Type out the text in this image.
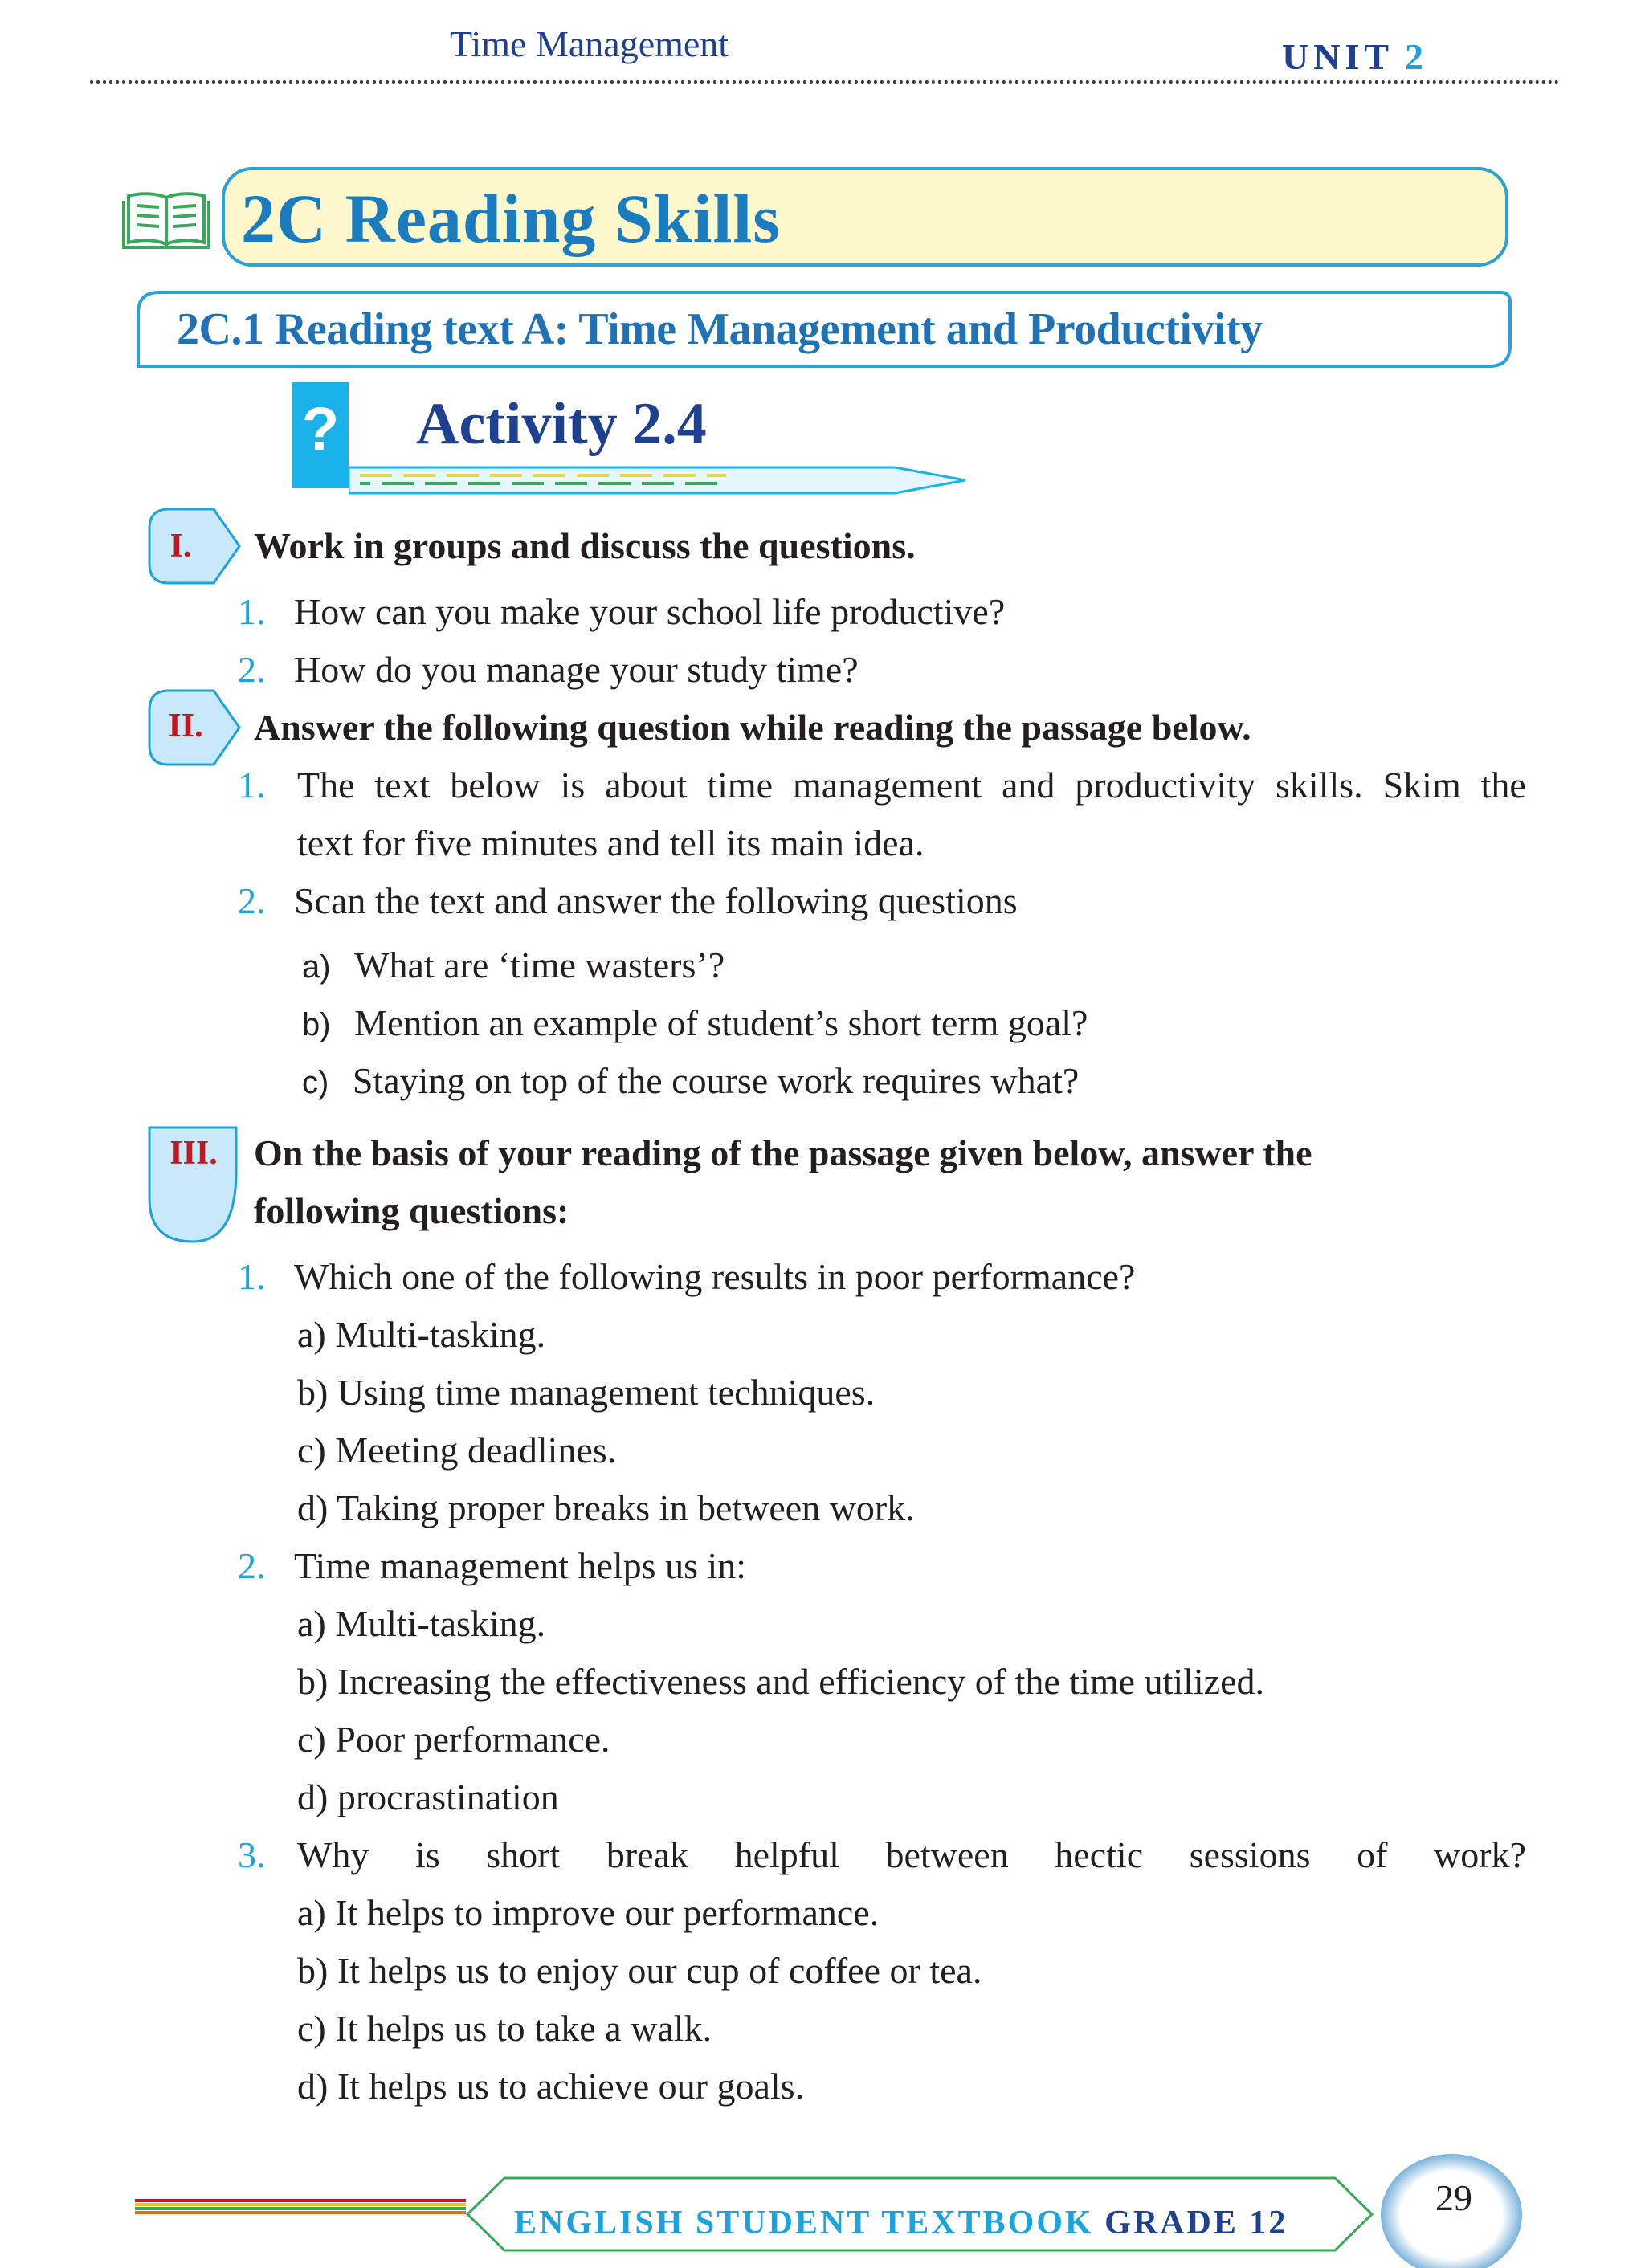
Time Management	UNIT 2
2C Reading Skills
2C.1 Reading text A: Time Management and Productivity
? Activity 2.4
I.	Work in groups and discuss the questions.
1. How can you make your school life productive?
2. How do you manage your study time?
II.	Answer the following question while reading the passage below.
1. The text below is about time management and productivity skills. Skim the
text for five minutes and tell its main idea.
2. Scan the text and answer the following questions
a) What are ‘time wasters’?
b) Mention an example of student’s short term goal?
c) Staying on top of the course work requires what?
III. On the basis of your reading of the passage given below, answer the
following questions:
1. Which one of the following results in poor performance?
a) Multi-tasking.
b) Using time management techniques.
c) Meeting deadlines.
d) Taking proper breaks in between work.
2. Time management helps us in:
a) Multi-tasking.
b) Increasing the effectiveness and efficiency of the time utilized.
c) Poor performance.
d) procrastination
3. Why is short break helpful between hectic sessions of work?
a) It helps to improve our performance.
b) It helps us to enjoy our cup of coffee or tea.
c) It helps us to take a walk.
d) It helps us to achieve our goals.
ENGLISH STUDENT TEXTBOOK GRADE 12
29
